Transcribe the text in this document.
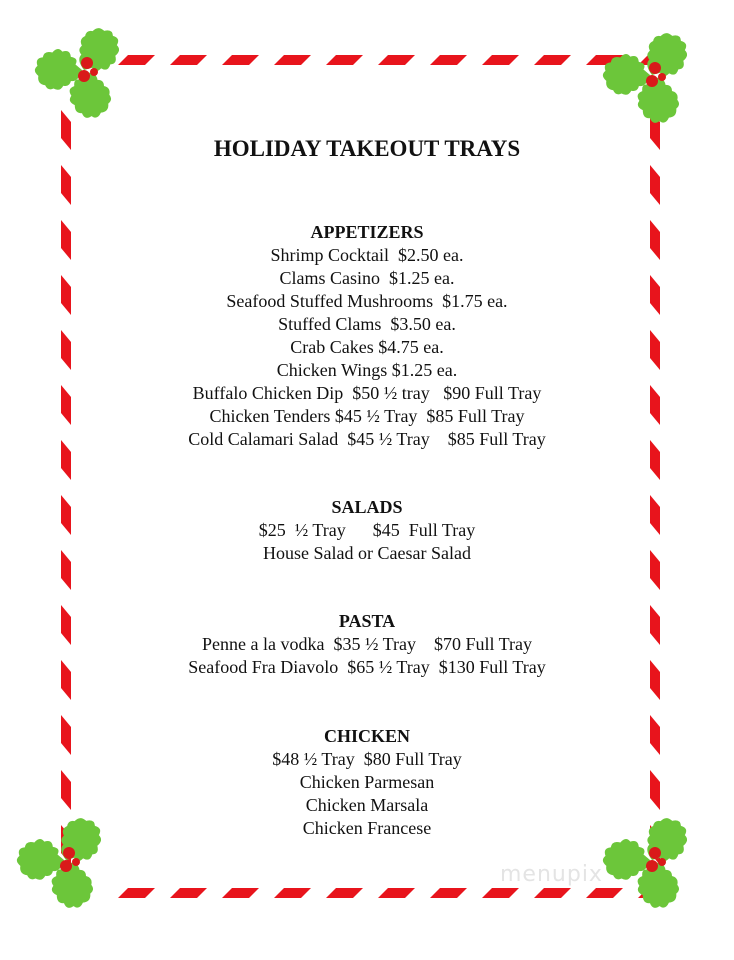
HOLIDAY TAKEOUT TRAYS
APPETIZERS
Shrimp Cocktail  $2.50 ea.
Clams Casino  $1.25 ea.
Seafood Stuffed Mushrooms  $1.75 ea.
Stuffed Clams  $3.50 ea.
Crab Cakes $4.75 ea.
Chicken Wings $1.25 ea.
Buffalo Chicken Dip  $50 ½ tray   $90 Full Tray
Chicken Tenders $45 ½ Tray  $85 Full Tray
Cold Calamari Salad  $45 ½ Tray    $85 Full Tray
SALADS
$25  ½ Tray      $45  Full Tray
House Salad or Caesar Salad
PASTA
Penne a la vodka  $35 ½ Tray    $70 Full Tray
Seafood Fra Diavolo  $65 ½ Tray  $130 Full Tray
CHICKEN
$48 ½ Tray  $80 Full Tray
Chicken Parmesan
Chicken Marsala
Chicken Francese
menupix
